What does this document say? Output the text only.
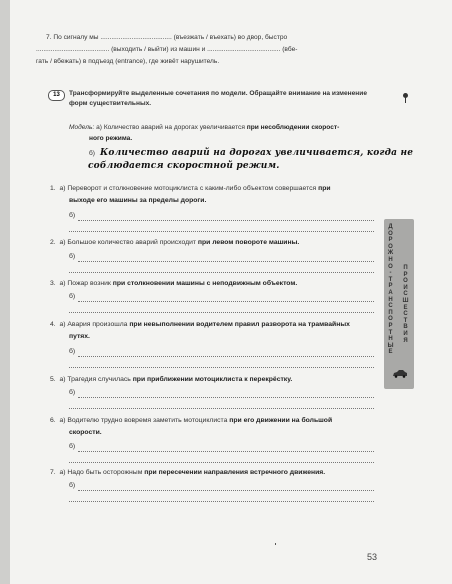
7. По сигналу мы ....................................... (въезжать / въехать) во двор, быстро
........................................ (выходить / выйти) из машин и ........................................ (вбе-
гать / вбежать) в подъезд (entrance), где живёт нарушитель.
13	Трансформируйте выделенные сочетания по модели. Обращайте внимание на изменение
форм существительных.
Модель: а) Количество аварий на дорогах увеличивается при несоблюдении скорост-
ного режима.
б) Количество аварий на дорогах увеличивается, когда не
соблюдается скоростной режим.
1. а) Переворот и столкновение мотоциклиста с каким-либо объектом совершается при
выходе его машины за пределы дороги.
б)
2. а) Большое количество аварий происходит при левом повороте машины.
б)
3. а) Пожар возник при столкновении машины с неподвижным объектом.
б)
4. а) Авария произошла при невыполнении водителем правил разворота на трамвайных
путях.
б)
5. а) Трагедия случилась при приближении мотоциклиста к перекрёстку.
б)
6. а) Водителю трудно вовремя заметить мотоциклиста при его движении на большой
скорости.
б)
7. а) Надо быть осторожным при пересечении направления встречного движения.
б)
Д
О
Р
О
Ж
Н
О
-
Т
Р
А
Н
С
П
О
Р
Т
Н
Ы
Е
П
Р
О
И
С
Ш
Е
С
Т
В
И
Я
53
